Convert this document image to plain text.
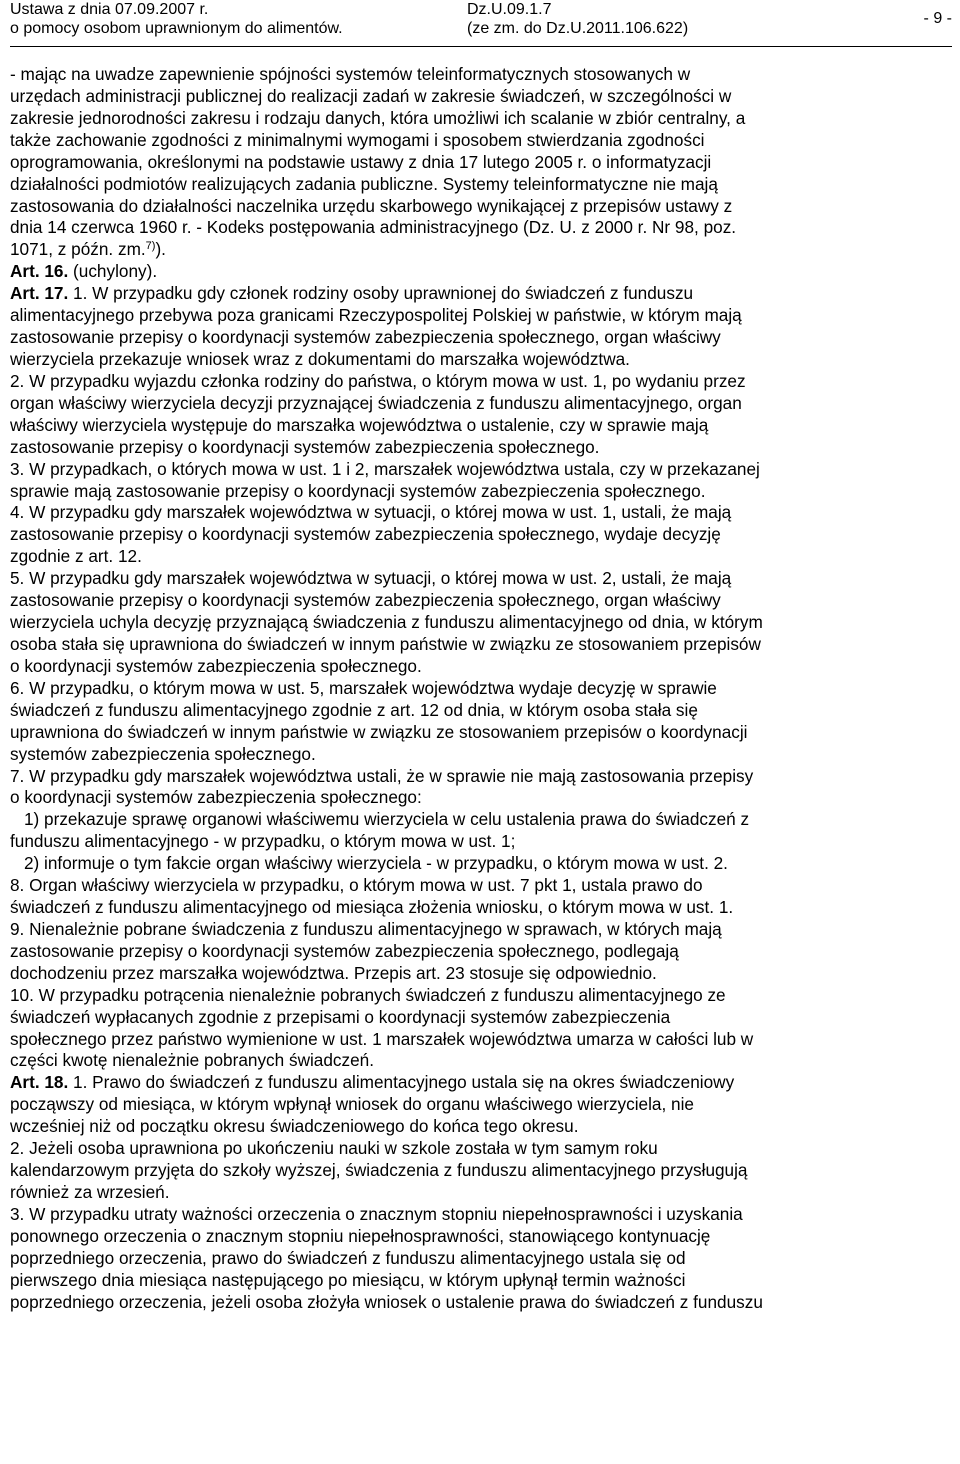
Ustawa z dnia 07.09.2007 r.
o pomocy osobom uprawnionym do alimentów.
Dz.U.09.1.7
(ze zm. do Dz.U.2011.106.622)
- 9 -
- mając na uwadze zapewnienie spójności systemów teleinformatycznych stosowanych w
urzędach administracji publicznej do realizacji zadań w zakresie świadczeń, w szczególności w
zakresie jednorodności zakresu i rodzaju danych, która umożliwi ich scalanie w zbiór centralny, a
także zachowanie zgodności z minimalnymi wymogami i sposobem stwierdzania zgodności
oprogramowania, określonymi na podstawie ustawy z dnia 17 lutego 2005 r. o informatyzacji
działalności podmiotów realizujących zadania publiczne. Systemy teleinformatyczne nie mają
zastosowania do działalności naczelnika urzędu skarbowego wynikającej z przepisów ustawy z
dnia 14 czerwca 1960 r. - Kodeks postępowania administracyjnego (Dz. U. z 2000 r. Nr 98, poz.
1071, z późn. zm.$^{7)}$).
Art. 16. (uchylony).
Art. 17. 1. W przypadku gdy członek rodziny osoby uprawnionej do świadczeń z funduszu
alimentacyjnego przebywa poza granicami Rzeczypospolitej Polskiej w państwie, w którym mają
zastosowanie przepisy o koordynacji systemów zabezpieczenia społecznego, organ właściwy
wierzyciela przekazuje wniosek wraz z dokumentami do marszałka województwa.
2. W przypadku wyjazdu członka rodziny do państwa, o którym mowa w ust. 1, po wydaniu przez
organ właściwy wierzyciela decyzji przyznającej świadczenia z funduszu alimentacyjnego, organ
właściwy wierzyciela występuje do marszałka województwa o ustalenie, czy w sprawie mają
zastosowanie przepisy o koordynacji systemów zabezpieczenia społecznego.
3. W przypadkach, o których mowa w ust. 1 i 2, marszałek województwa ustala, czy w przekazanej
sprawie mają zastosowanie przepisy o koordynacji systemów zabezpieczenia społecznego.
4. W przypadku gdy marszałek województwa w sytuacji, o której mowa w ust. 1, ustali, że mają
zastosowanie przepisy o koordynacji systemów zabezpieczenia społecznego, wydaje decyzję
zgodnie z art. 12.
5. W przypadku gdy marszałek województwa w sytuacji, o której mowa w ust. 2, ustali, że mają
zastosowanie przepisy o koordynacji systemów zabezpieczenia społecznego, organ właściwy
wierzyciela uchyla decyzję przyznającą świadczenia z funduszu alimentacyjnego od dnia, w którym
osoba stała się uprawniona do świadczeń w innym państwie w związku ze stosowaniem przepisów
o koordynacji systemów zabezpieczenia społecznego.
6. W przypadku, o którym mowa w ust. 5, marszałek województwa wydaje decyzję w sprawie
świadczeń z funduszu alimentacyjnego zgodnie z art. 12 od dnia, w którym osoba stała się
uprawniona do świadczeń w innym państwie w związku ze stosowaniem przepisów o koordynacji
systemów zabezpieczenia społecznego.
7. W przypadku gdy marszałek województwa ustali, że w sprawie nie mają zastosowania przepisy
o koordynacji systemów zabezpieczenia społecznego:
1) przekazuje sprawę organowi właściwemu wierzyciela w celu ustalenia prawa do świadczeń z
funduszu alimentacyjnego - w przypadku, o którym mowa w ust. 1;
2) informuje o tym fakcie organ właściwy wierzyciela - w przypadku, o którym mowa w ust. 2.
8. Organ właściwy wierzyciela w przypadku, o którym mowa w ust. 7 pkt 1, ustala prawo do
świadczeń z funduszu alimentacyjnego od miesiąca złożenia wniosku, o którym mowa w ust. 1.
9. Nienależnie pobrane świadczenia z funduszu alimentacyjnego w sprawach, w których mają
zastosowanie przepisy o koordynacji systemów zabezpieczenia społecznego, podlegają
dochodzeniu przez marszałka województwa. Przepis art. 23 stosuje się odpowiednio.
10. W przypadku potrącenia nienależnie pobranych świadczeń z funduszu alimentacyjnego ze
świadczeń wypłacanych zgodnie z przepisami o koordynacji systemów zabezpieczenia
społecznego przez państwo wymienione w ust. 1 marszałek województwa umarza w całości lub w
części kwotę nienależnie pobranych świadczeń.
Art. 18. 1. Prawo do świadczeń z funduszu alimentacyjnego ustala się na okres świadczeniowy
począwszy od miesiąca, w którym wpłynął wniosek do organu właściwego wierzyciela, nie
wcześniej niż od początku okresu świadczeniowego do końca tego okresu.
2. Jeżeli osoba uprawniona po ukończeniu nauki w szkole została w tym samym roku
kalendarzowym przyjęta do szkoły wyższej, świadczenia z funduszu alimentacyjnego przysługują
również za wrzesień.
3. W przypadku utraty ważności orzeczenia o znacznym stopniu niepełnosprawności i uzyskania
ponownego orzeczenia o znacznym stopniu niepełnosprawności, stanowiącego kontynuację
poprzedniego orzeczenia, prawo do świadczeń z funduszu alimentacyjnego ustala się od
pierwszego dnia miesiąca następującego po miesiącu, w którym upłynął termin ważności
poprzedniego orzeczenia, jeżeli osoba złożyła wniosek o ustalenie prawa do świadczeń z funduszu
